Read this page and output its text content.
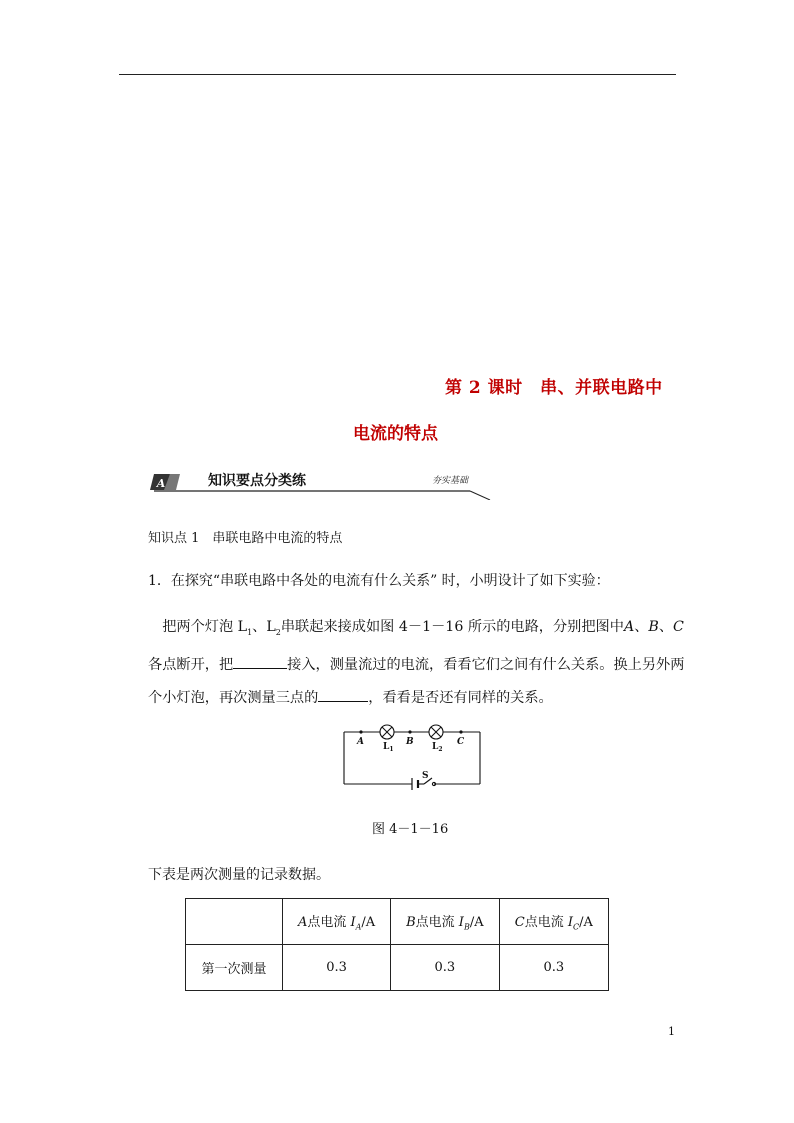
第 2 课时　串、并联电路中
电流的特点
A	知识要点分类练	夯实基础
知识点 1　串联电路中电流的特点
1．在探究“串联电路中各处的电流有什么关系” 时，小明设计了如下实验：
 把两个灯泡 $L_1$、$L_2$串联起来接成如图 4－1－16 所示的电路，分别把图中A、B、C各点断开，把	接入，测量流过的电流，看看它们之间有什么关系。换上另外两个小灯泡，再次测量三点的	，看看是否还有同样的关系。
A	B	C
$L_1$	$L_2$
S
图 4－1－16
下表是两次测量的记录数据。
	A点电流 $I_A/A$	B点电流 $I_B/A$	C点电流 $I_C/A$
第一次测量	0.3	0.3	0.3
1
